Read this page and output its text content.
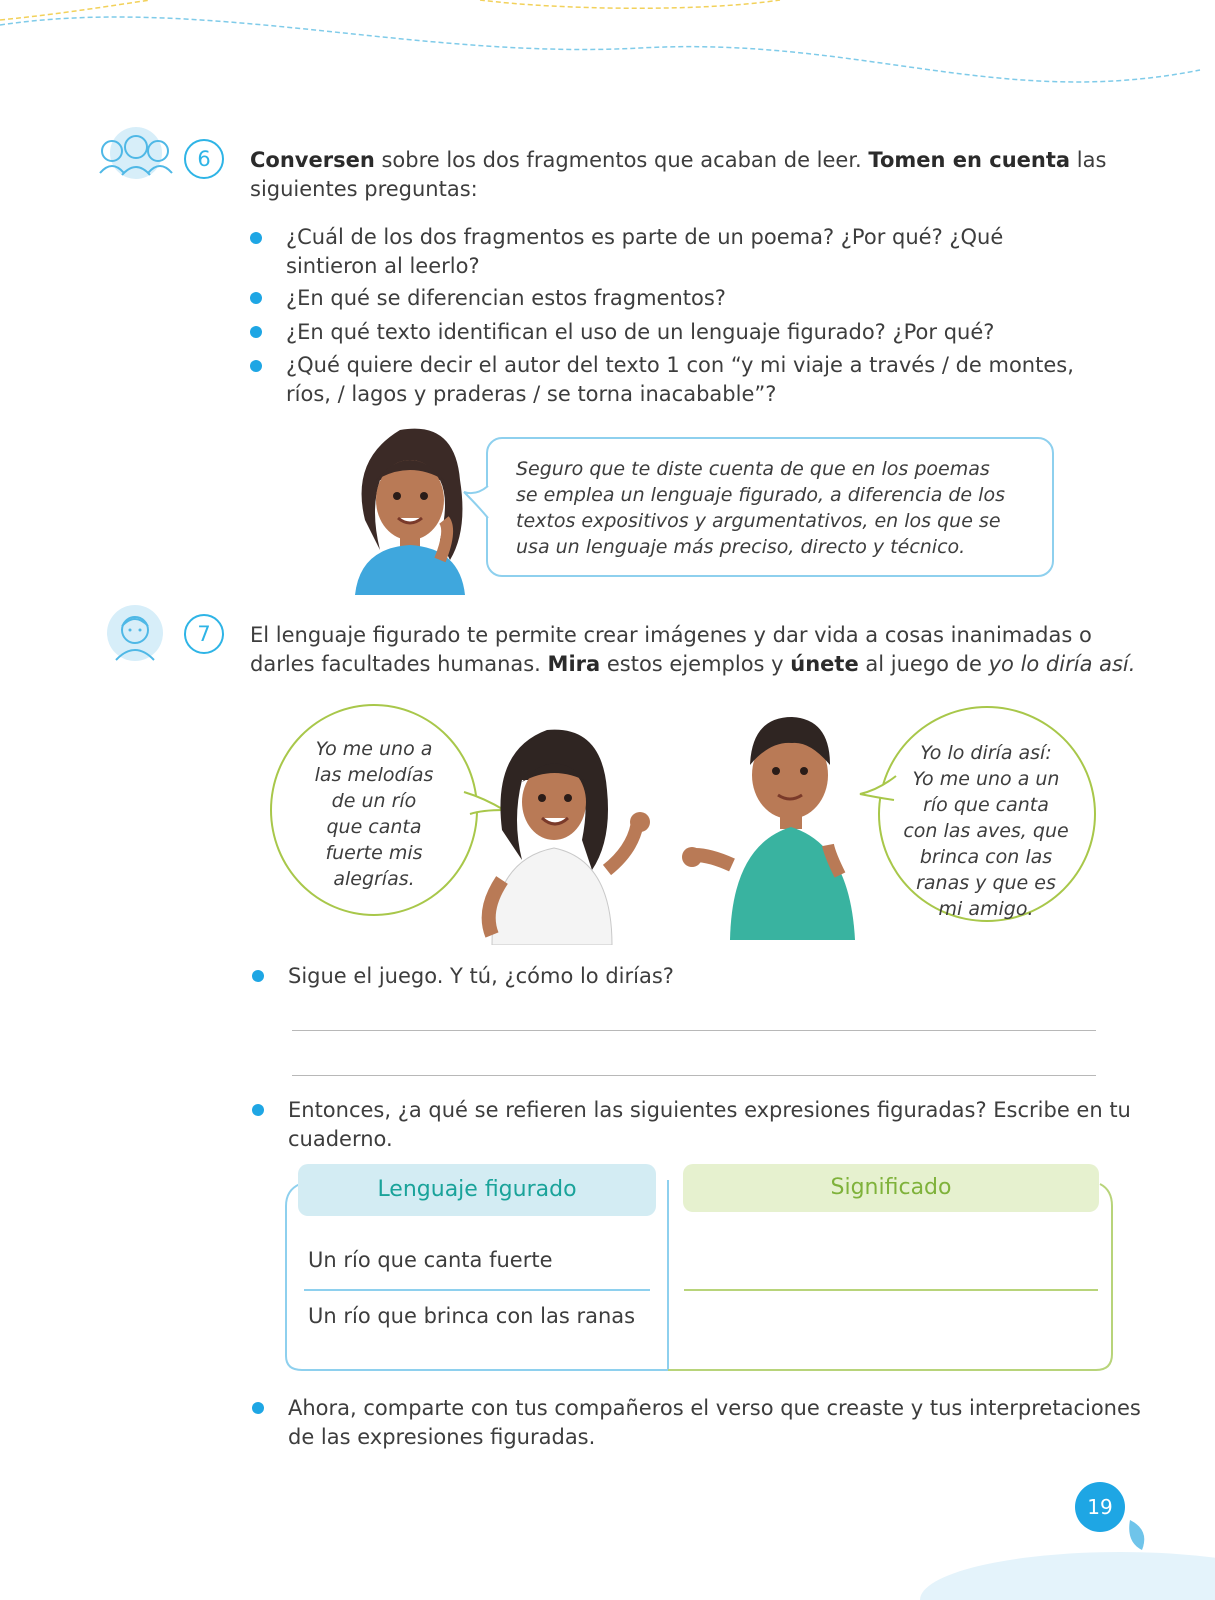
6	Conversen sobre los dos fragmentos que acaban de leer. Tomen en cuenta las
siguientes preguntas:
¿Cuál de los dos fragmentos es parte de un poema? ¿Por qué? ¿Qué
sintieron al leerlo?
¿En qué se diferencian estos fragmentos?
¿En qué texto identifican el uso de un lenguaje figurado? ¿Por qué?
¿Qué quiere decir el autor del texto 1 con “y mi viaje a través / de montes,
ríos, / lagos y praderas / se torna inacabable”?
Seguro que te diste cuenta de que en los poemas
se emplea un lenguaje figurado, a diferencia de los
textos expositivos y argumentativos, en los que se
usa un lenguaje más preciso, directo y técnico.
7	El lenguaje figurado te permite crear imágenes y dar vida a cosas inanimadas o
darles facultades humanas. Mira estos ejemplos y únete al juego de yo lo diría así.
Yo me uno a
las melodías
de un río
que canta
fuerte mis
alegrías.
Yo lo diría así:
Yo me uno a un
río que canta
con las aves, que
brinca con las
ranas y que es
mi amigo.
Sigue el juego. Y tú, ¿cómo lo dirías?
Entonces, ¿a qué se refieren las siguientes expresiones figuradas? Escribe en tu
cuaderno.
Lenguaje figurado	Significado
Un río que canta fuerte
Un río que brinca con las ranas
Ahora, comparte con tus compañeros el verso que creaste y tus interpretaciones
de las expresiones figuradas.
19
